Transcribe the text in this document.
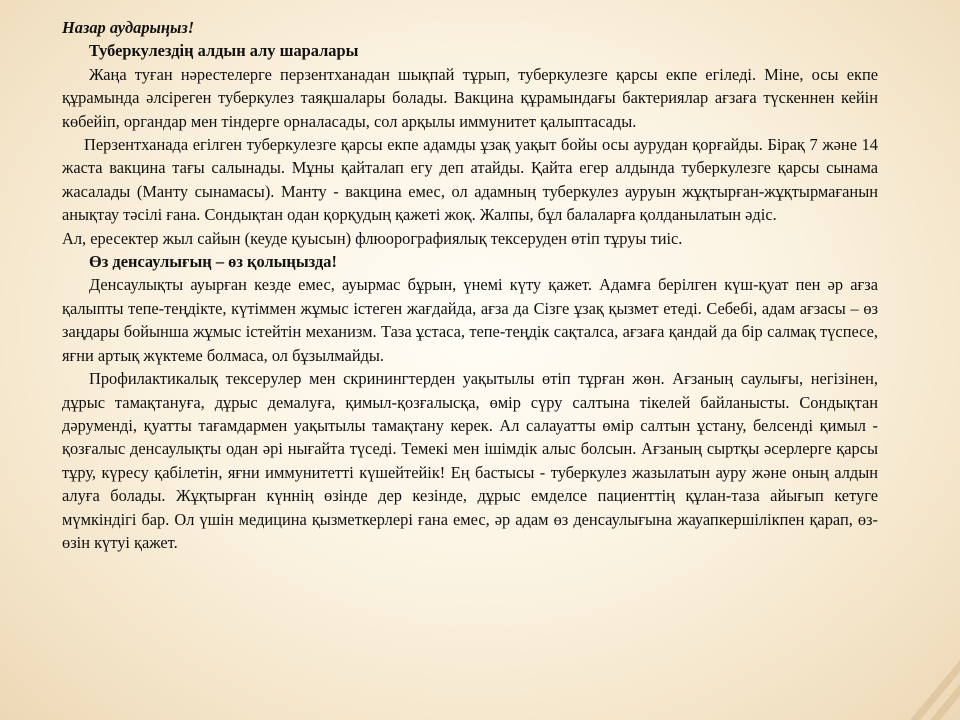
Назар аударыңыз!

Туберкулездің алдын алу шаралары

Жаңа туған нәрестелерге перзентханадан шықпай тұрып, туберкулезге қарсы екпе егіледі. Міне, осы екпе құрамында әлсіреген туберкулез таяқшалары болады. Вакцина құрамындағы бактериялар ағзаға түскеннен кейін көбейіп, органдар мен тіндерге орналасады, сол арқылы иммунитет қалыптасады.

Перзентханада егілген туберкулезге қарсы екпе адамды ұзақ уақыт бойы осы аурудан қорғайды. Бірақ 7 және 14 жаста вакцина тағы салынады. Мұны қайталап егу деп атайды. Қайта егер алдында туберкулезге қарсы сынама жасалады (Манту сынамасы). Манту - вакцина емес, ол адамның туберкулез ауруын жұқтырған-жұқтырмағанын анықтау тәсілі ғана. Сондықтан одан қорқудың қажеті жоқ. Жалпы, бұл балаларға қолданылатын әдіс.

Ал, ересектер жыл сайын (кеуде қуысын) флюорографиялық тексеруден өтіп тұруы тиіс.

Өз денсаулығың – өз қолыңызда!

Денсаулықты ауырған кезде емес, ауырмас бұрын, үнемі күту қажет. Адамға берілген күш-қуат пен әр ағза қалыпты тепе-теңдікте, күтіммен жұмыс істеген жағдайда, ағза да Сізге ұзақ қызмет етеді. Себебі, адам ағзасы – өз заңдары бойынша жұмыс істейтін механизм. Таза ұстаса, тепе-теңдік сақталса, ағзаға қандай да бір салмақ түспесе, яғни артық жүктеме болмаса, ол бұзылмайды.

Профилактикалық тексерулер мен скринингтерден уақытылы өтіп тұрған жөн. Ағзаның саулығы, негізінен, дұрыс тамақтануға, дұрыс демалуға, қимыл-қозғалысқа, өмір сүру салтына тікелей байланысты. Сондықтан дәруменді, қуатты тағамдармен уақытылы тамақтану керек. Ал салауатты өмір салтын ұстану, белсенді қимыл - қозғалыс денсаулықты одан әрі нығайта түседі. Темекі мен ішімдік алыс болсын. Ағзаның сыртқы әсерлерге қарсы тұру, күресу қабілетін, яғни иммунитетті күшейтейік! Ең бастысы - туберкулез жазылатын ауру және оның алдын алуға болады. Жұқтырған күннің өзінде дер кезінде, дұрыс емделсе пациенттің құлан-таза айығып кетуге мүмкіндігі бар. Ол үшін медицина қызметкерлері ғана емес, әр адам өз денсаулығына жауапкершілікпен қарап, өз-өзін күтуі қажет.
